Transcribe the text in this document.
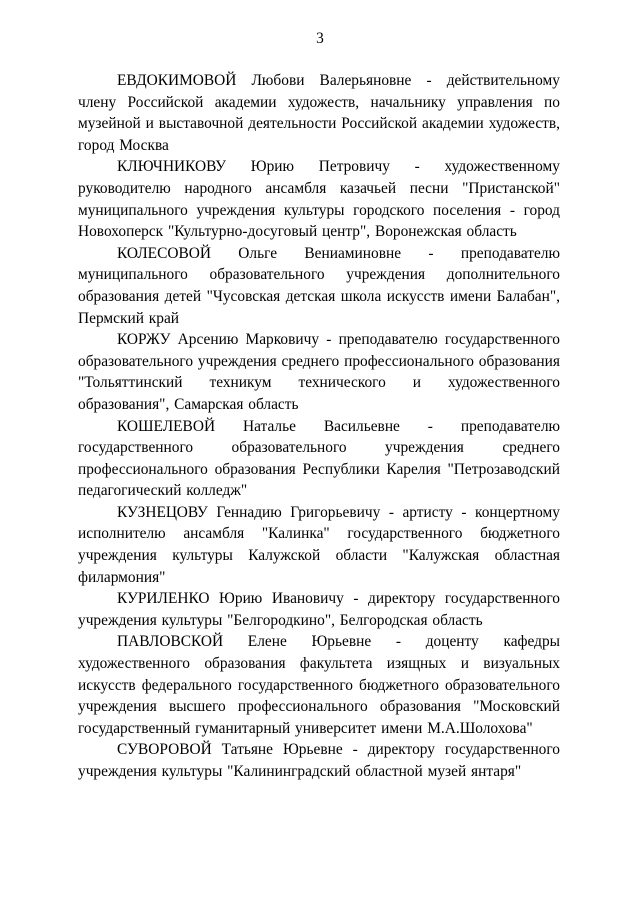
3

ЕВДОКИМОВОЙ Любови Валерьяновне - действительному члену Российской академии художеств, начальнику управления по музейной и выставочной деятельности Российской академии художеств, город Москва

КЛЮЧНИКОВУ Юрию Петровичу - художественному руководителю народного ансамбля казачьей песни "Пристанской" муниципального учреждения культуры городского поселения - город Новохоперск "Культурно-досуговый центр", Воронежская область

КОЛЕСОВОЙ Ольге Вениаминовне - преподавателю муниципального образовательного учреждения дополнительного образования детей "Чусовская детская школа искусств имени Балабан", Пермский край

КОРЖУ Арсению Марковичу - преподавателю государственного образовательного учреждения среднего профессионального образования "Тольяттинский техникум технического и художественного образования", Самарская область

КОШЕЛЕВОЙ Наталье Васильевне - преподавателю государственного образовательного учреждения среднего профессионального образования Республики Карелия "Петрозаводский педагогический колледж"

КУЗНЕЦОВУ Геннадию Григорьевичу - артисту - концертному исполнителю ансамбля "Калинка" государственного бюджетного учреждения культуры Калужской области "Калужская областная филармония"

КУРИЛЕНКО Юрию Ивановичу - директору государственного учреждения культуры "Белгородкино", Белгородская область

ПАВЛОВСКОЙ Елене Юрьевне - доценту кафедры художественного образования факультета изящных и визуальных искусств федерального государственного бюджетного образовательного учреждения высшего профессионального образования "Московский государственный гуманитарный университет имени М.А.Шолохова"

СУВОРОВОЙ Татьяне Юрьевне - директору государственного учреждения культуры "Калининградский областной музей янтаря"
